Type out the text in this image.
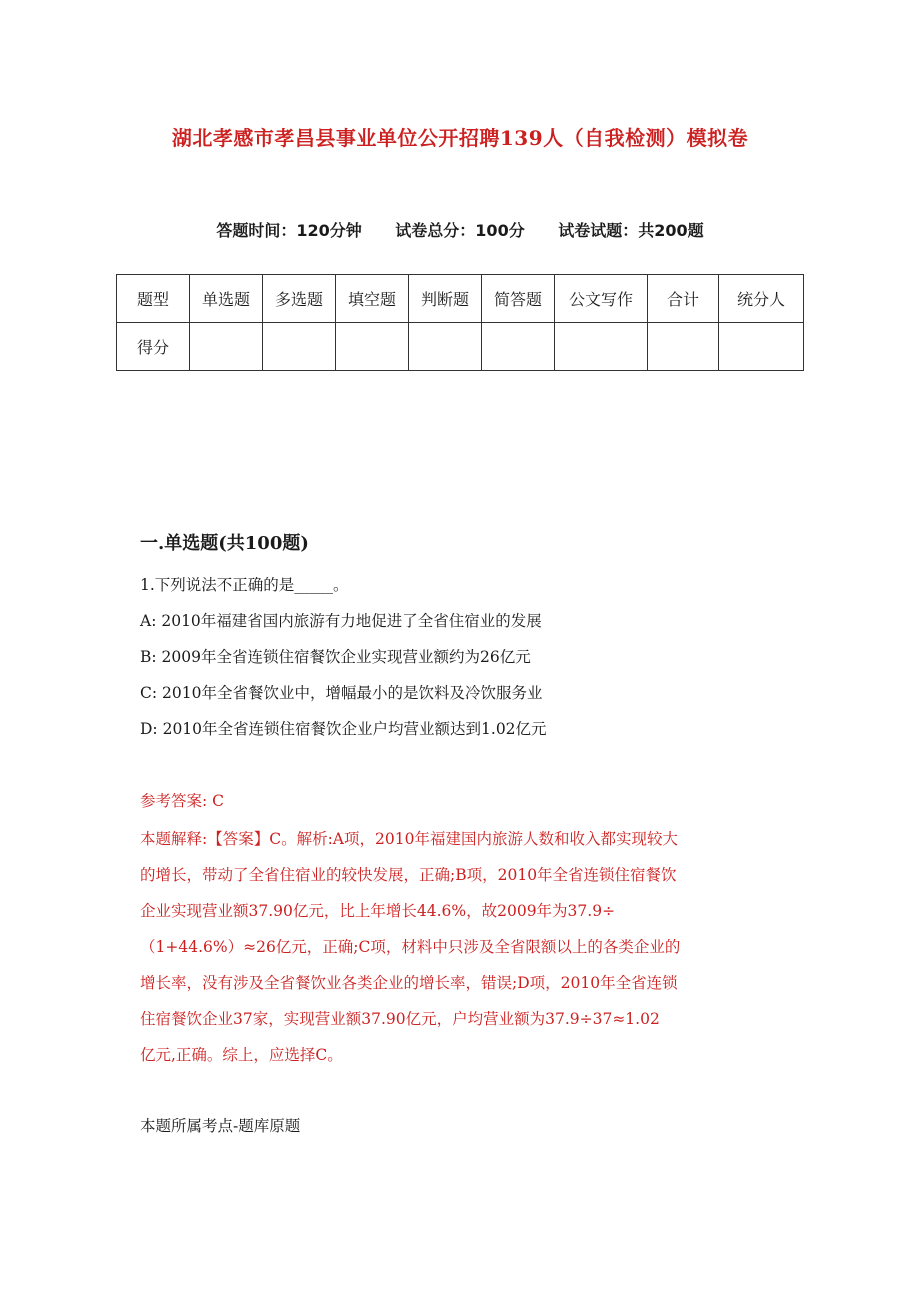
湖北孝感市孝昌县事业单位公开招聘139人（自我检测）模拟卷
答题时间：120分钟 试卷总分：100分 试卷试题：共200题
题型	单选题	多选题	填空题	判断题	简答题	公文写作	合计	统分人
得分								
一.单选题(共100题)
1.下列说法不正确的是_____。
A: 2010年福建省国内旅游有力地促进了全省住宿业的发展
B: 2009年全省连锁住宿餐饮企业实现营业额约为26亿元
C: 2010年全省餐饮业中，增幅最小的是饮料及冷饮服务业
D: 2010年全省连锁住宿餐饮企业户均营业额达到1.02亿元
参考答案: C
本题解释:【答案】C。解析:A项，2010年福建国内旅游人数和收入都实现较大
的增长，带动了全省住宿业的较快发展，正确;B项，2010年全省连锁住宿餐饮
企业实现营业额37.90亿元，比上年增长44.6%，故2009年为37.9÷
（1+44.6%）≈26亿元，正确;C项，材料中只涉及全省限额以上的各类企业的
增长率，没有涉及全省餐饮业各类企业的增长率，错误;D项，2010年全省连锁
住宿餐饮企业37家，实现营业额37.90亿元，户均营业额为37.9÷37≈1.02
亿元,正确。综上，应选择C。
本题所属考点-题库原题
